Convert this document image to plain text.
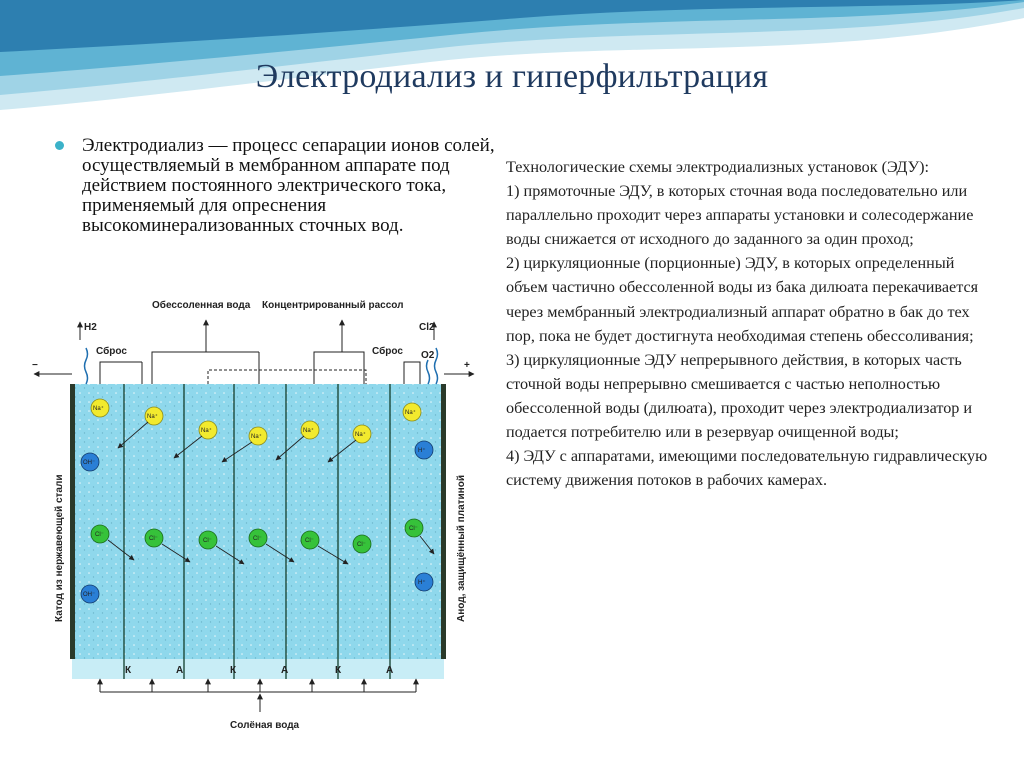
Электродиализ и гиперфильтрация
Электродиализ — процесс сепарации ионов солей, осуществляемый в мембранном аппарате под действием постоянного электрического тока, применяемый для опреснения высокоминерализованных сточных вод.

Технологические схемы электродиализных установок (ЭДУ):

1) прямоточные ЭДУ, в которых сточная вода последовательно или параллельно проходит через аппараты установки и солесодержание воды снижается от исходного до заданного за один проход;

2) циркуляционные (порционные) ЭДУ, в которых определенный объем частично обессоленной воды из бака дилюата перекачивается через мембранный электродиализный аппарат обратно в бак до тех пор, пока не будет достигнута необходимая степень обессоливания;

3) циркуляционные ЭДУ непрерывного действия, в которых часть сточной воды непрерывно смешивается с частью неполностью обессоленной воды (дилюата), проходит через электродиализатор и подается потребителю или в резервуар очищенной воды;

4) ЭДУ с аппаратами, имеющими последовательную гидравлическую систему движения потоков в рабочих камерах.

К	А	К	А	К	А
Обессоленная вода Концентрированный рассол
Сброс	Сброс
H2	Cl2
O2
−	+
Катод из нержавеющей стали	Анод, защищённый платиной
Na⁺
Na⁺
Na⁺
Na⁺
Na⁺
Na⁺
Na⁺
Cl⁻
Cl⁻	Cl⁻	Cl⁻	Cl⁻
Cl⁻
Cl⁻
OH⁻
OH⁻
H⁺
H⁺
Солёная вода
